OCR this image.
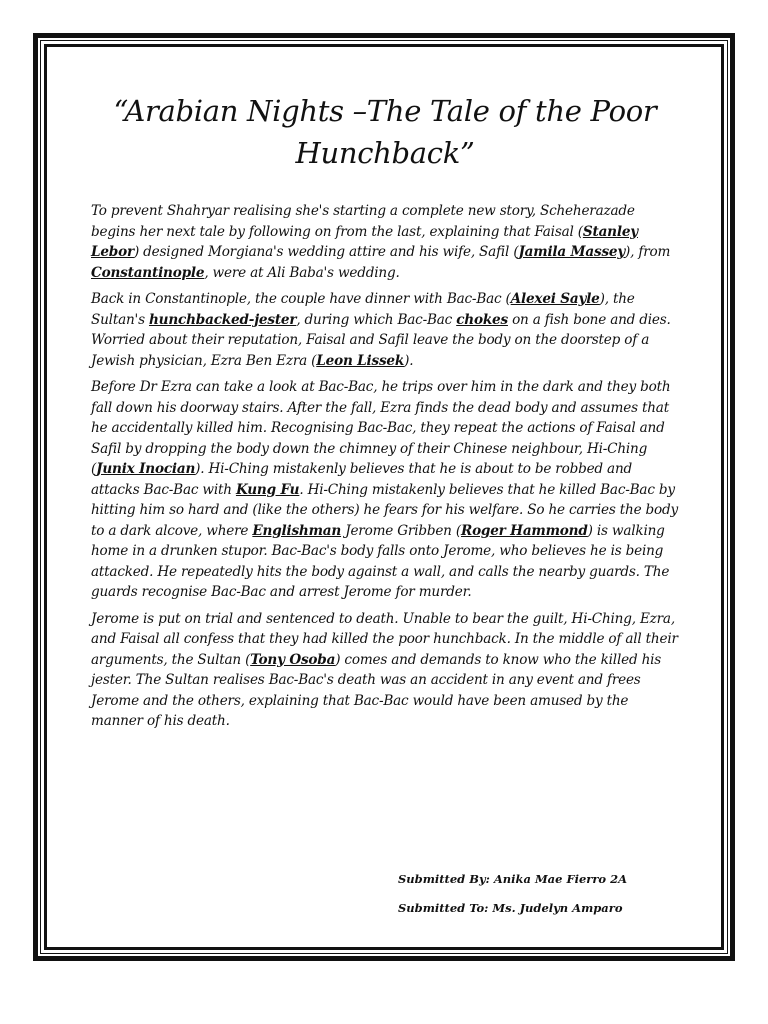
“Arabian Nights –The Tale of the Poor Hunchback”

To prevent Shahryar realising she's starting a complete new story, Scheherazade begins her next tale by following on from the last, explaining that Faisal (Stanley Lebor) designed Morgiana's wedding attire and his wife, Safil (Jamila Massey), from Constantinople, were at Ali Baba's wedding.

Back in Constantinople, the couple have dinner with Bac-Bac (Alexei Sayle), the Sultan's hunchbacked-jester, during which Bac-Bac chokes on a fish bone and dies. Worried about their reputation, Faisal and Safil leave the body on the doorstep of a Jewish physician, Ezra Ben Ezra (Leon Lissek).

Before Dr Ezra can take a look at Bac-Bac, he trips over him in the dark and they both fall down his doorway stairs. After the fall, Ezra finds the dead body and assumes that he accidentally killed him. Recognising Bac-Bac, they repeat the actions of Faisal and Safil by dropping the body down the chimney of their Chinese neighbour, Hi-Ching (Junix Inocian). Hi-Ching mistakenly believes that he is about to be robbed and attacks Bac-Bac with Kung Fu. Hi-Ching mistakenly believes that he killed Bac-Bac by hitting him so hard and (like the others) he fears for his welfare. So he carries the body to a dark alcove, where Englishman Jerome Gribben (Roger Hammond) is walking home in a drunken stupor. Bac-Bac's body falls onto Jerome, who believes he is being attacked. He repeatedly hits the body against a wall, and calls the nearby guards. The guards recognise Bac-Bac and arrest Jerome for murder.

Jerome is put on trial and sentenced to death. Unable to bear the guilt, Hi-Ching, Ezra, and Faisal all confess that they had killed the poor hunchback. In the middle of all their arguments, the Sultan (Tony Osoba) comes and demands to know who the killed his jester. The Sultan realises Bac-Bac's death was an accident in any event and frees Jerome and the others, explaining that Bac-Bac would have been amused by the manner of his death.

Submitted By: Anika Mae Fierro 2A
Submitted To: Ms. Judelyn Amparo
